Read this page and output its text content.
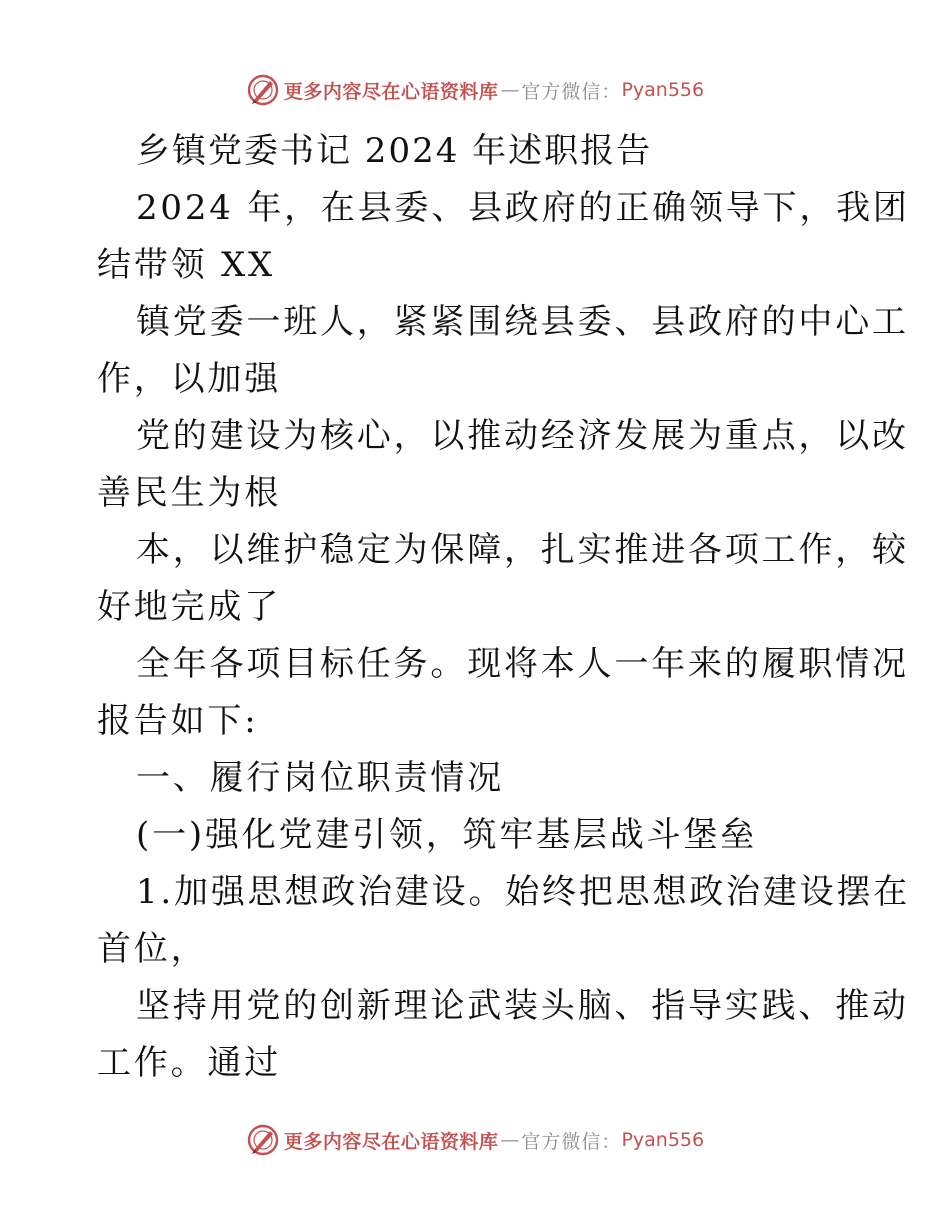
更多内容尽在心语资料库 — 官方微信： Pyan556
乡镇党委书记 2024 年述职报告
2024 年，在县委、县政府的正确领导下，我团
结带领 XX
镇党委一班人，紧紧围绕县委、县政府的中心工
作，以加强
党的建设为核心，以推动经济发展为重点，以改
善民生为根
本，以维护稳定为保障，扎实推进各项工作，较
好地完成了
全年各项目标任务。现将本人一年来的履职情况
报告如下:
一、履行岗位职责情况
(一)强化党建引领，筑牢基层战斗堡垒
1.加强思想政治建设。始终把思想政治建设摆在
首位，
坚持用党的创新理论武装头脑、指导实践、推动
工作。通过
更多内容尽在心语资料库 — 官方微信： Pyan556
